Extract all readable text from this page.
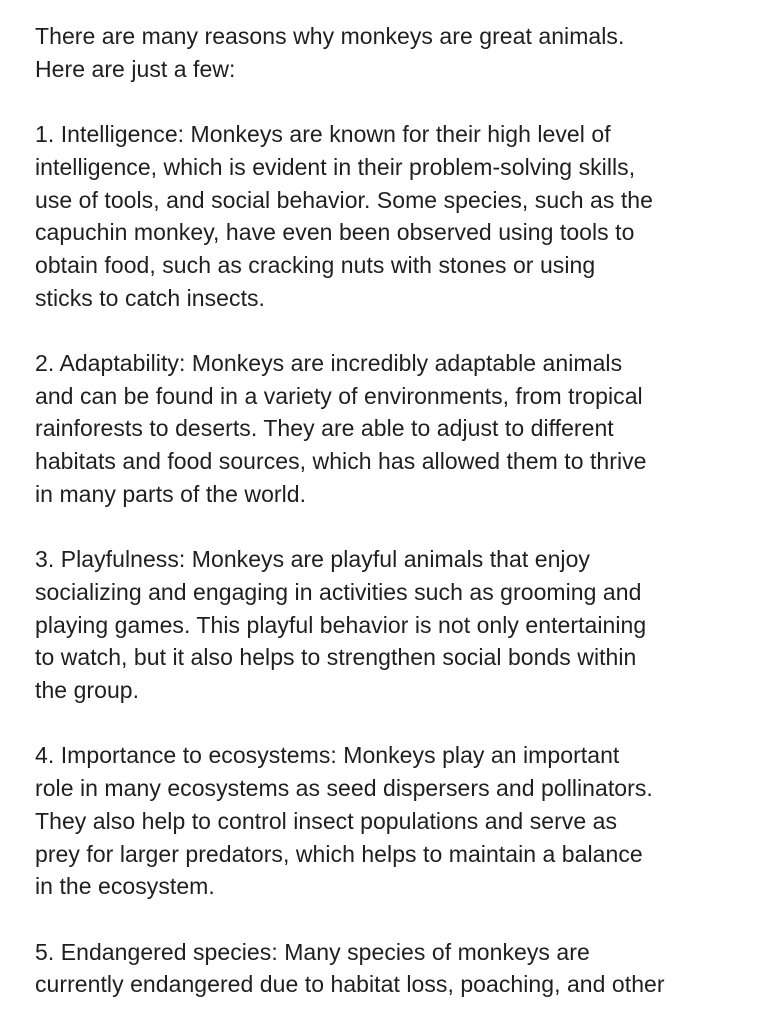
There are many reasons why monkeys are great animals.
Here are just a few:

1. Intelligence: Monkeys are known for their high level of
intelligence, which is evident in their problem-solving skills,
use of tools, and social behavior. Some species, such as the
capuchin monkey, have even been observed using tools to
obtain food, such as cracking nuts with stones or using
sticks to catch insects.

2. Adaptability: Monkeys are incredibly adaptable animals
and can be found in a variety of environments, from tropical
rainforests to deserts. They are able to adjust to different
habitats and food sources, which has allowed them to thrive
in many parts of the world.

3. Playfulness: Monkeys are playful animals that enjoy
socializing and engaging in activities such as grooming and
playing games. This playful behavior is not only entertaining
to watch, but it also helps to strengthen social bonds within
the group.

4. Importance to ecosystems: Monkeys play an important
role in many ecosystems as seed dispersers and pollinators.
They also help to control insect populations and serve as
prey for larger predators, which helps to maintain a balance
in the ecosystem.

5. Endangered species: Many species of monkeys are
currently endangered due to habitat loss, poaching, and other
